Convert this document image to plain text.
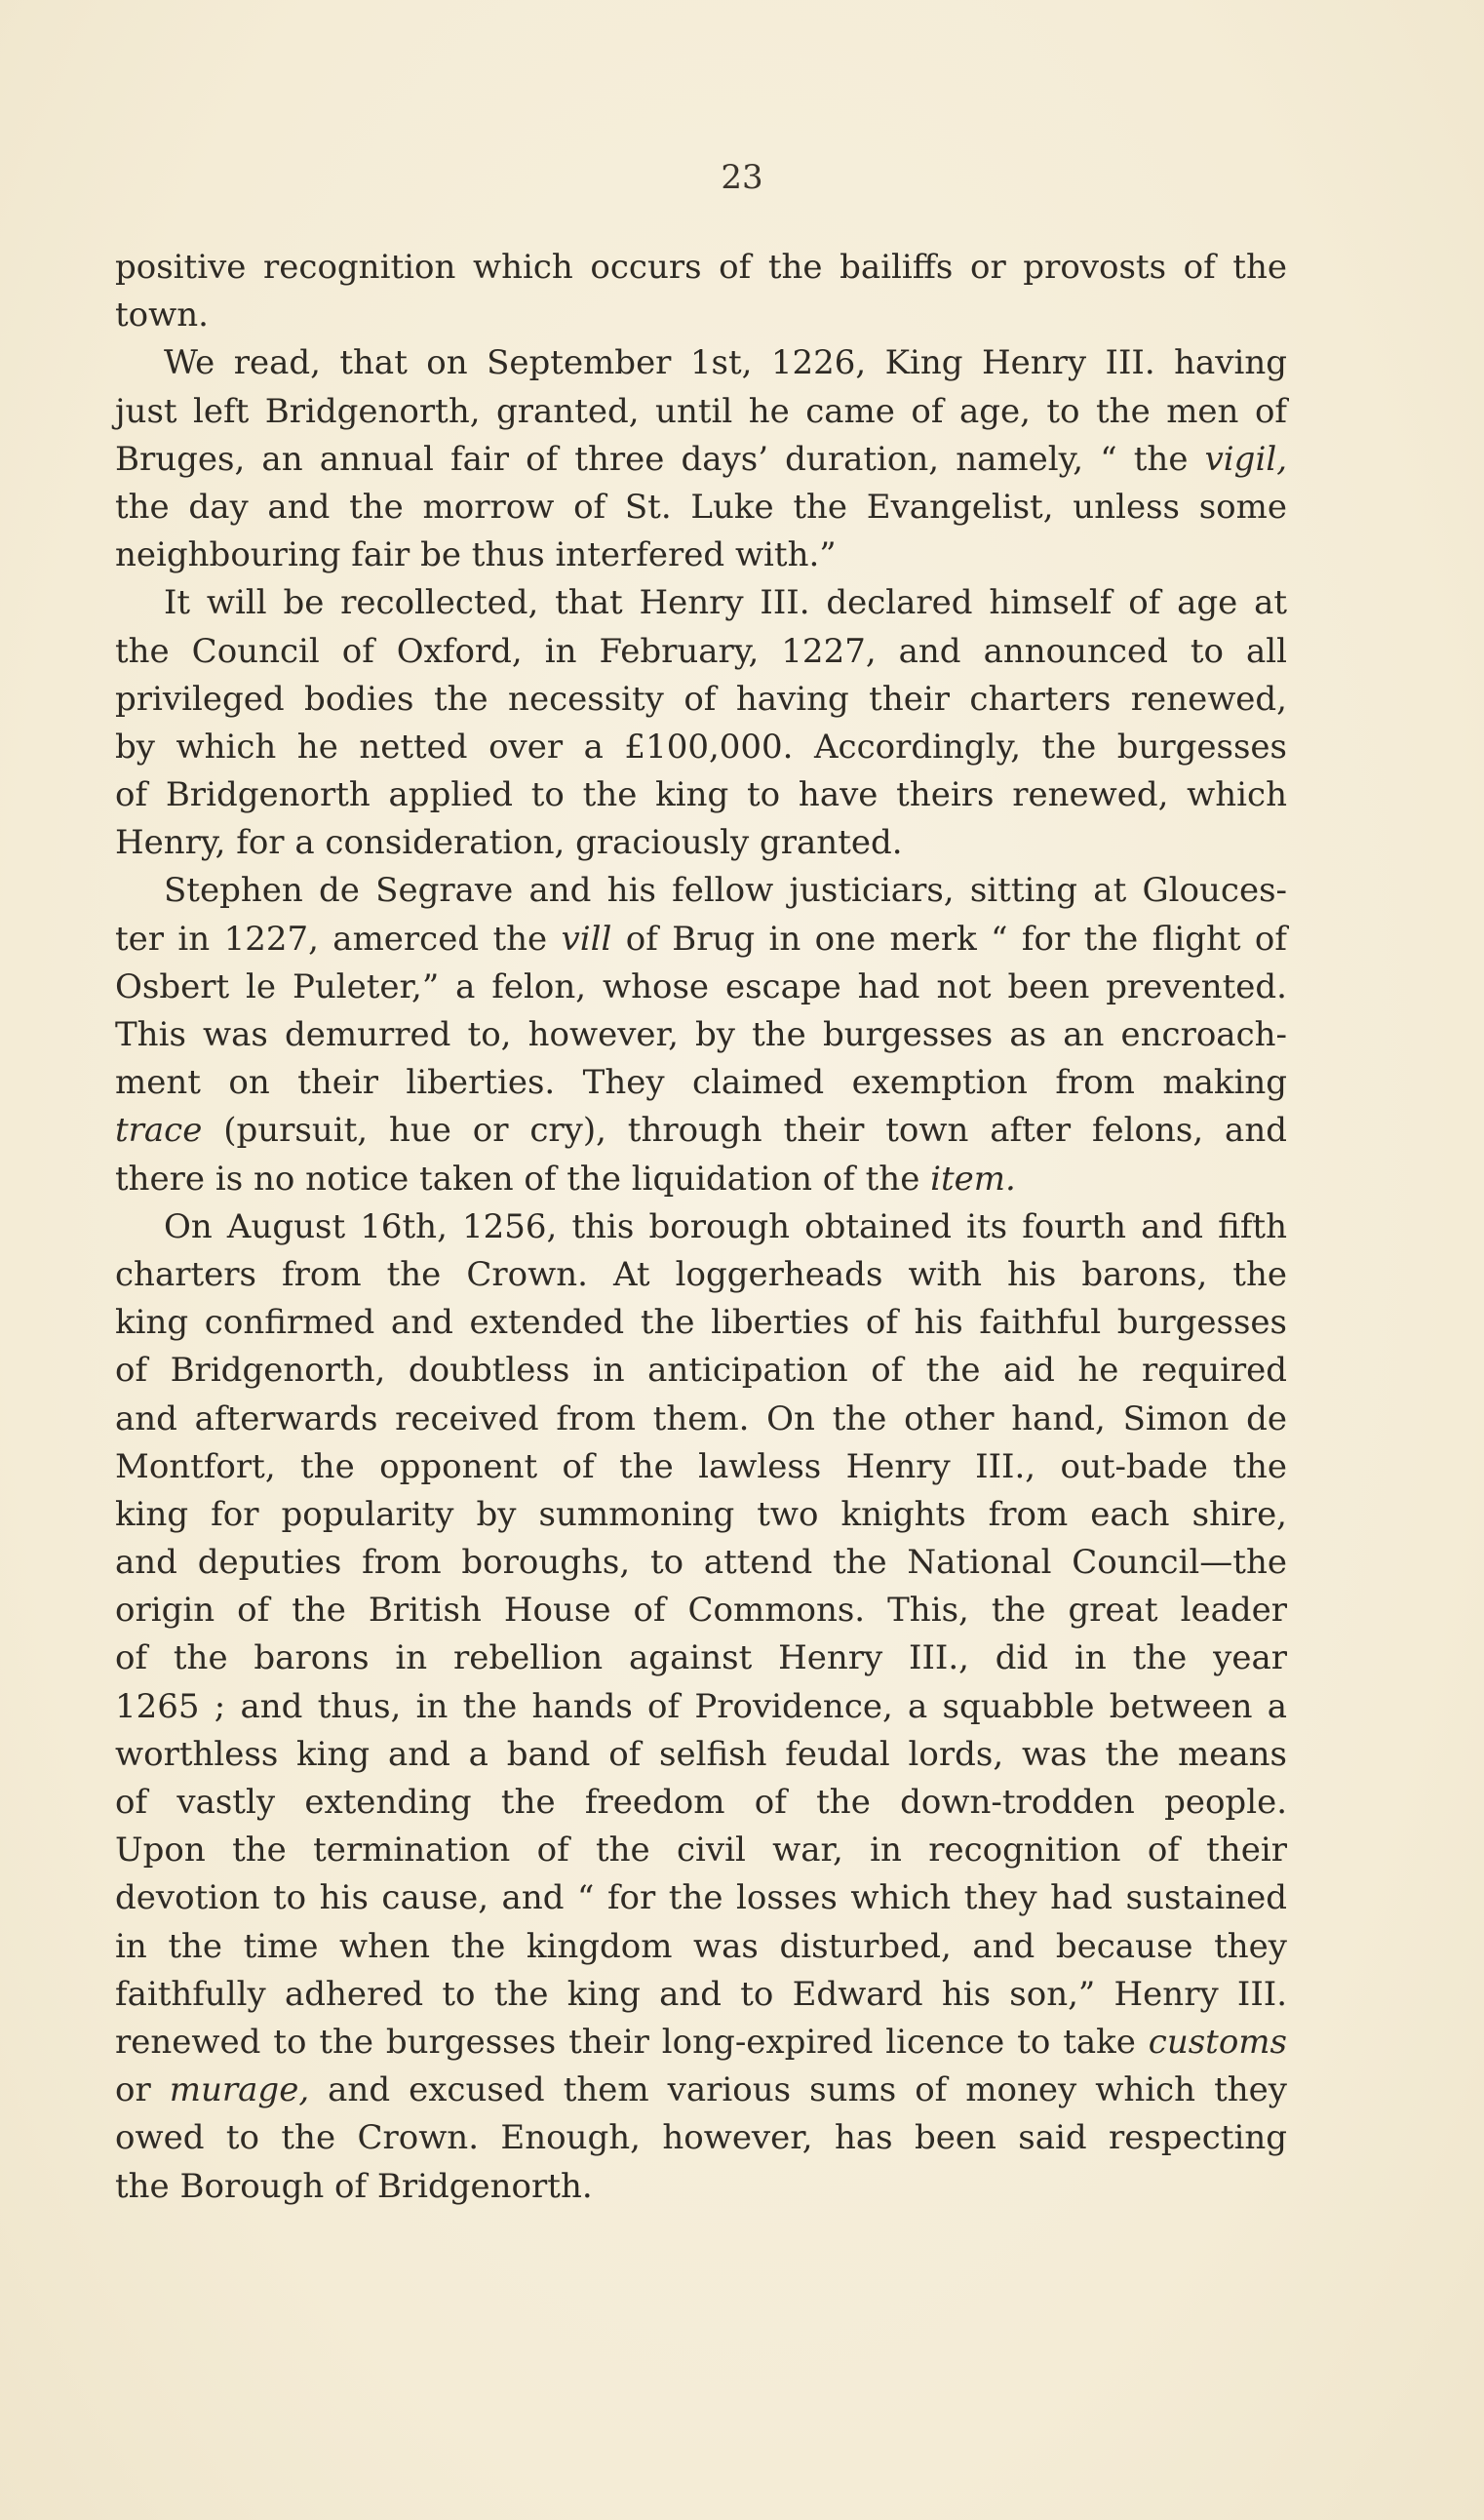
23
positive recognition which occurs of the bailiffs or provosts of the
town.
We read, that on September 1st, 1226, King Henry III. having
just left Bridgenorth, granted, until he came of age, to the men of
Bruges, an annual fair of three days’ duration, namely, “ the vigil,
the day and the morrow of St. Luke the Evangelist, unless some
neighbouring fair be thus interfered with.”
It will be recollected, that Henry III. declared himself of age at
the Council of Oxford, in February, 1227, and announced to all
privileged bodies the necessity of having their charters renewed,
by which he netted over a £100,000. Accordingly, the burgesses
of Bridgenorth applied to the king to have theirs renewed, which
Henry, for a consideration, graciously granted.
Stephen de Segrave and his fellow justiciars, sitting at Glouces-
ter in 1227, amerced the vill of Brug in one merk “ for the flight of
Osbert le Puleter,” a felon, whose escape had not been prevented.
This was demurred to, however, by the burgesses as an encroach-
ment on their liberties. They claimed exemption from making
trace (pursuit, hue or cry), through their town after felons, and
there is no notice taken of the liquidation of the item.
On August 16th, 1256, this borough obtained its fourth and fifth
charters from the Crown. At loggerheads with his barons, the
king confirmed and extended the liberties of his faithful burgesses
of Bridgenorth, doubtless in anticipation of the aid he required
and afterwards received from them. On the other hand, Simon de
Montfort, the opponent of the lawless Henry III., out-bade the
king for popularity by summoning two knights from each shire,
and deputies from boroughs, to attend the National Council—the
origin of the British House of Commons. This, the great leader
of the barons in rebellion against Henry III., did in the year
1265 ; and thus, in the hands of Providence, a squabble between a
worthless king and a band of selfish feudal lords, was the means
of vastly extending the freedom of the down-trodden people.
Upon the termination of the civil war, in recognition of their
devotion to his cause, and “ for the losses which they had sustained
in the time when the kingdom was disturbed, and because they
faithfully adhered to the king and to Edward his son,” Henry III.
renewed to the burgesses their long-expired licence to take customs
or murage, and excused them various sums of money which they
owed to the Crown. Enough, however, has been said respecting
the Borough of Bridgenorth.
